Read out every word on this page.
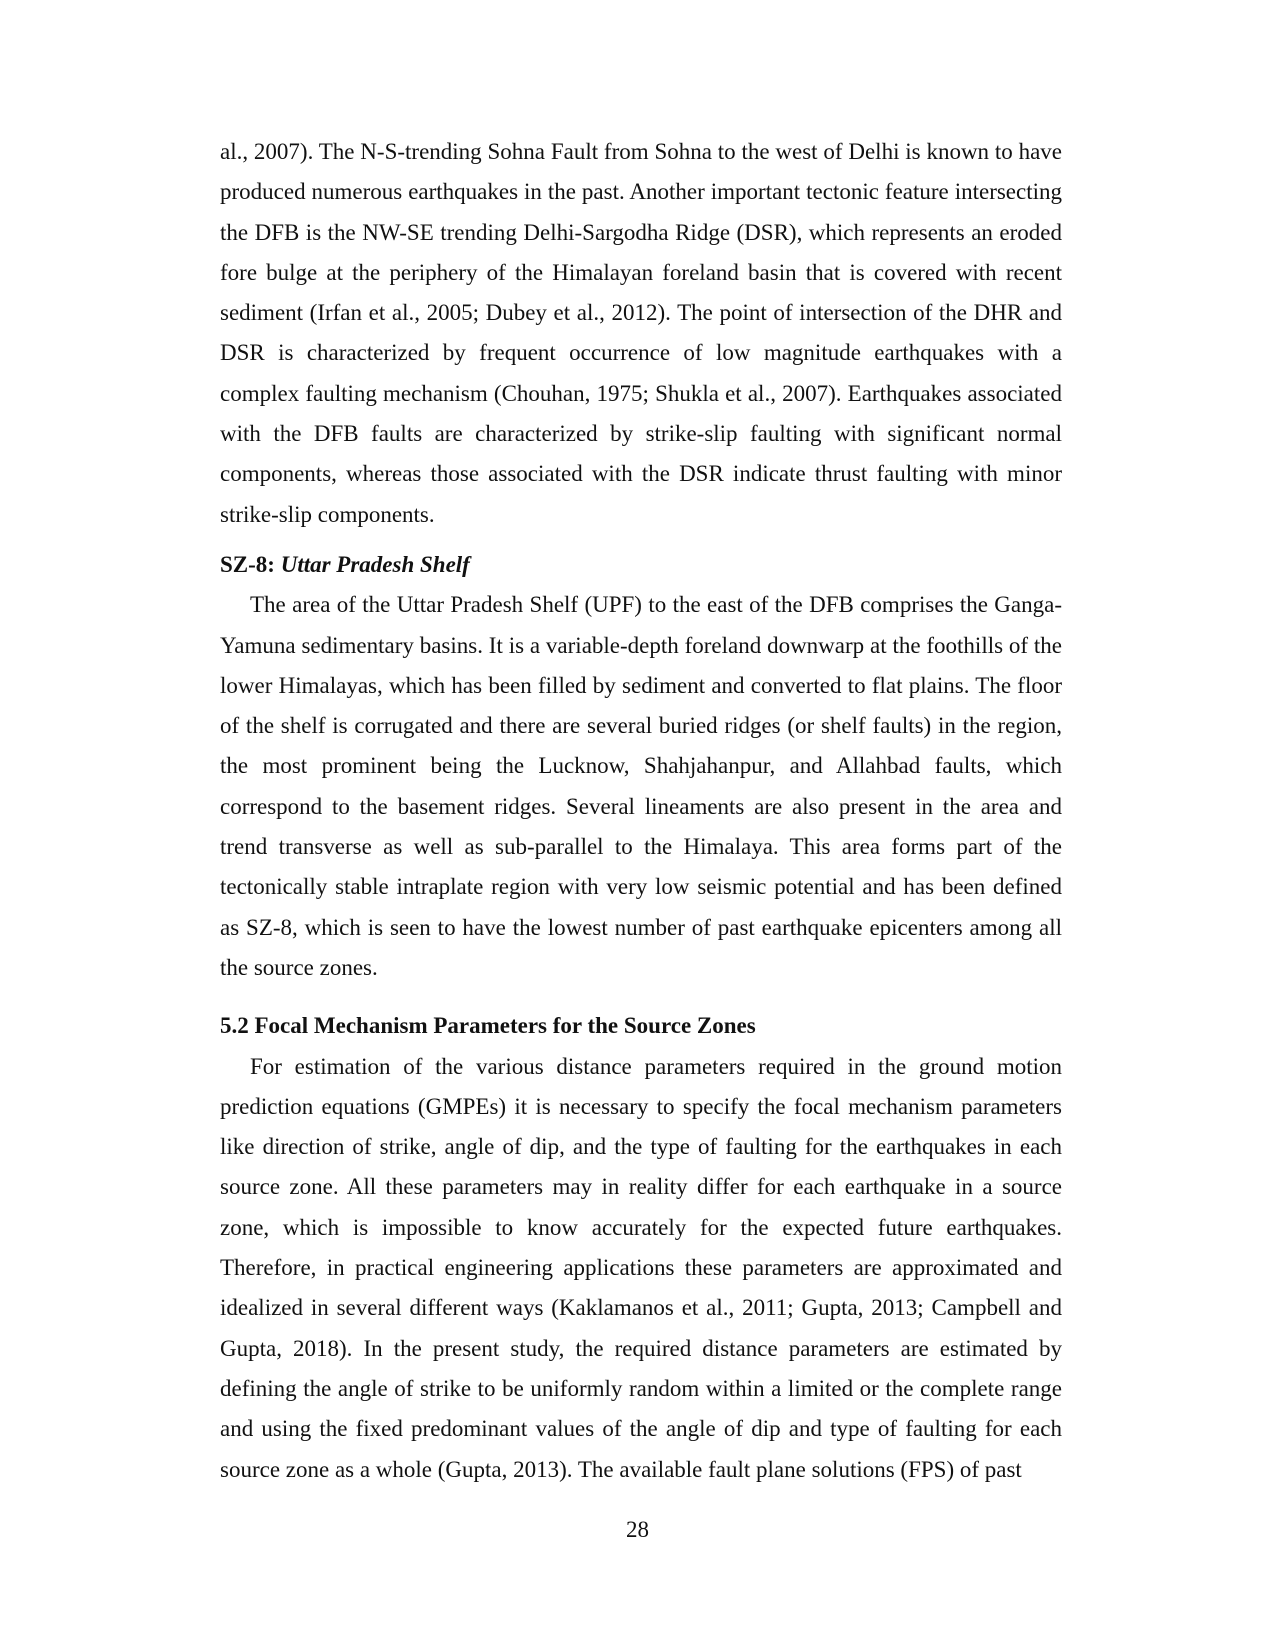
al., 2007). The N-S-trending Sohna Fault from Sohna to the west of Delhi is known to have produced numerous earthquakes in the past. Another important tectonic feature intersecting the DFB is the NW-SE trending Delhi-Sargodha Ridge (DSR), which represents an eroded fore bulge at the periphery of the Himalayan foreland basin that is covered with recent sediment (Irfan et al., 2005; Dubey et al., 2012). The point of intersection of the DHR and DSR is characterized by frequent occurrence of low magnitude earthquakes with a complex faulting mechanism (Chouhan, 1975; Shukla et al., 2007). Earthquakes associated with the DFB faults are characterized by strike-slip faulting with significant normal components, whereas those associated with the DSR indicate thrust faulting with minor strike-slip components.

SZ-8: Uttar Pradesh Shelf

The area of the Uttar Pradesh Shelf (UPF) to the east of the DFB comprises the Ganga-Yamuna sedimentary basins. It is a variable-depth foreland downwarp at the foothills of the lower Himalayas, which has been filled by sediment and converted to flat plains. The floor of the shelf is corrugated and there are several buried ridges (or shelf faults) in the region, the most prominent being the Lucknow, Shahjahanpur, and Allahbad faults, which correspond to the basement ridges. Several lineaments are also present in the area and trend transverse as well as sub-parallel to the Himalaya. This area forms part of the tectonically stable intraplate region with very low seismic potential and has been defined as SZ-8, which is seen to have the lowest number of past earthquake epicenters among all the source zones.

5.2 Focal Mechanism Parameters for the Source Zones

For estimation of the various distance parameters required in the ground motion prediction equations (GMPEs) it is necessary to specify the focal mechanism parameters like direction of strike, angle of dip, and the type of faulting for the earthquakes in each source zone. All these parameters may in reality differ for each earthquake in a source zone, which is impossible to know accurately for the expected future earthquakes. Therefore, in practical engineering applications these parameters are approximated and idealized in several different ways (Kaklamanos et al., 2011; Gupta, 2013; Campbell and Gupta, 2018). In the present study, the required distance parameters are estimated by defining the angle of strike to be uniformly random within a limited or the complete range and using the fixed predominant values of the angle of dip and type of faulting for each source zone as a whole (Gupta, 2013). The available fault plane solutions (FPS) of past

28
